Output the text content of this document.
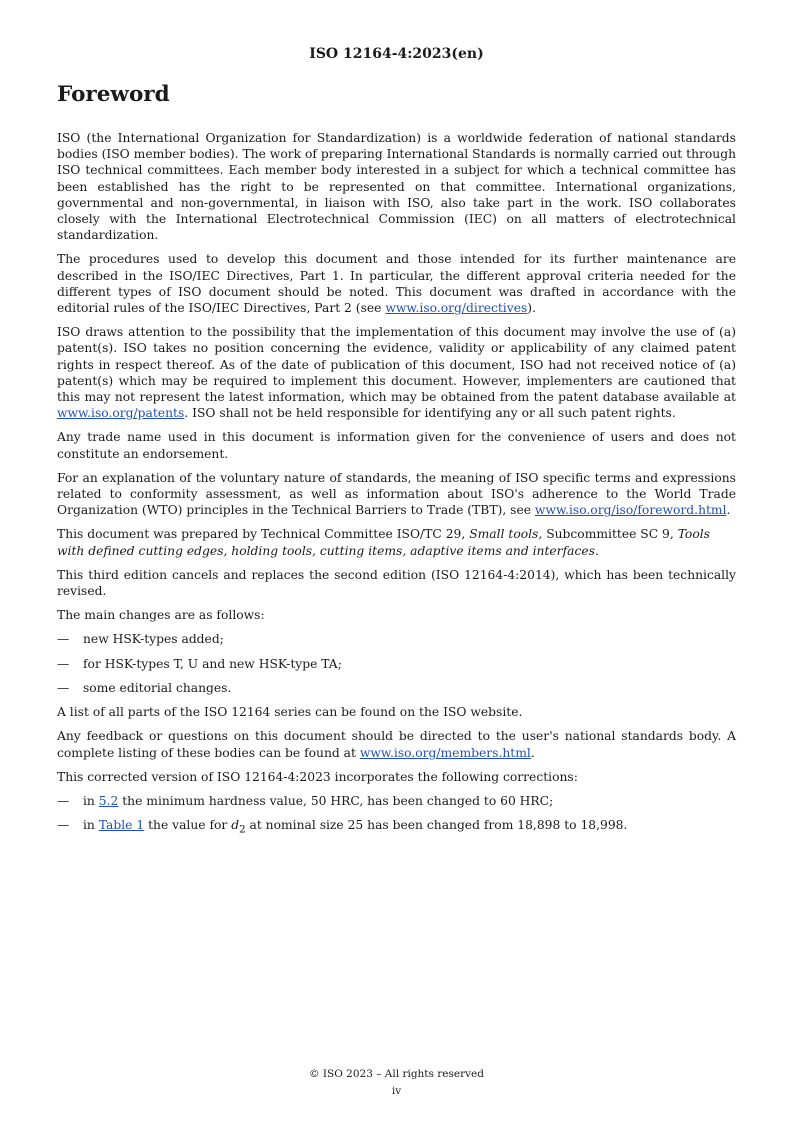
ISO 12164-4:2023(en)
Foreword

ISO (the International Organization for Standardization) is a worldwide federation of national standards bodies (ISO member bodies). The work of preparing International Standards is normally carried out through ISO technical committees. Each member body interested in a subject for which a technical committee has been established has the right to be represented on that committee. International organizations, governmental and non-governmental, in liaison with ISO, also take part in the work. ISO collaborates closely with the International Electrotechnical Commission (IEC) on all matters of electrotechnical standardization.

The procedures used to develop this document and those intended for its further maintenance are described in the ISO/IEC Directives, Part 1. In particular, the different approval criteria needed for the different types of ISO document should be noted. This document was drafted in accordance with the editorial rules of the ISO/IEC Directives, Part 2 (see www.iso.org/directives).

ISO draws attention to the possibility that the implementation of this document may involve the use of (a) patent(s). ISO takes no position concerning the evidence, validity or applicability of any claimed patent rights in respect thereof. As of the date of publication of this document, ISO had not received notice of (a) patent(s) which may be required to implement this document. However, implementers are cautioned that this may not represent the latest information, which may be obtained from the patent database available at www.iso.org/patents. ISO shall not be held responsible for identifying any or all such patent rights.

Any trade name used in this document is information given for the convenience of users and does not constitute an endorsement.

For an explanation of the voluntary nature of standards, the meaning of ISO specific terms and expressions related to conformity assessment, as well as information about ISO's adherence to the World Trade Organization (WTO) principles in the Technical Barriers to Trade (TBT), see www.iso.org/iso/foreword.html.

This document was prepared by Technical Committee ISO/TC 29, Small tools, Subcommittee SC 9, Tools with defined cutting edges, holding tools, cutting items, adaptive items and interfaces.

This third edition cancels and replaces the second edition (ISO 12164-4:2014), which has been technically revised.

The main changes are as follows:

—	new HSK-types added;
—	for HSK-types T, U and new HSK-type TA;
—	some editorial changes.

A list of all parts of the ISO 12164 series can be found on the ISO website.

Any feedback or questions on this document should be directed to the user's national standards body. A complete listing of these bodies can be found at www.iso.org/members.html.

This corrected version of ISO 12164-4:2023 incorporates the following corrections:

—	in 5.2 the minimum hardness value, 50 HRC, has been changed to 60 HRC;
—	in Table 1 the value for $d_2$ at nominal size 25 has been changed from 18,898 to 18,998.
© ISO 2023 – All rights reserved
iv
